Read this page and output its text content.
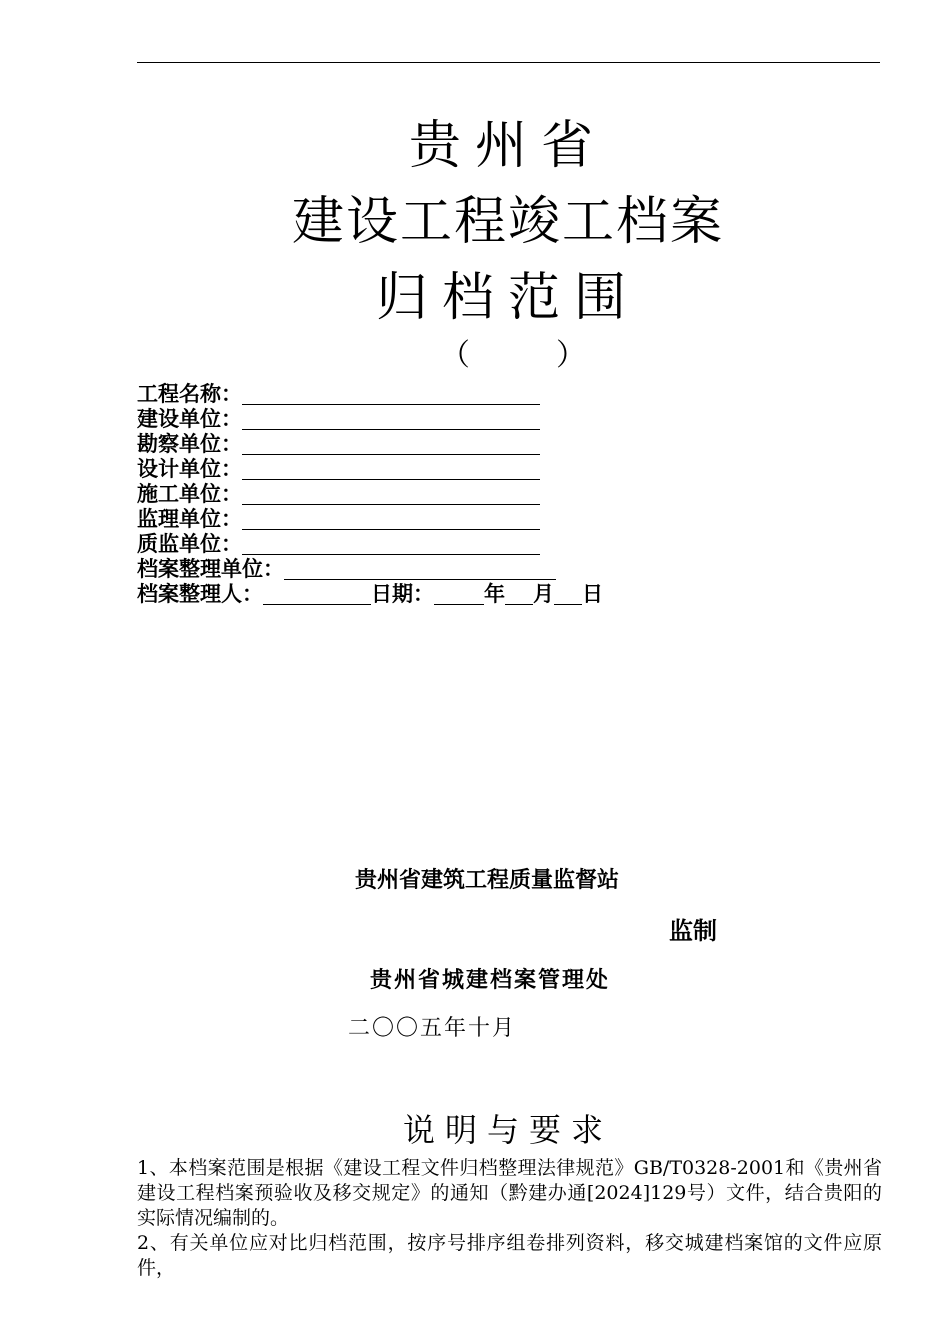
贵州省
建设工程竣工档案
归档范围
（	）
工程名称：
建设单位：
勘察单位：
设计单位：
施工单位：
监理单位：
质监单位：
档案整理单位：
档案整理人：	日期： 年 月 日
贵州省建筑工程质量监督站
监制
贵州省城建档案管理处
二〇〇五年十月
说明与要求
1、本档案范围是根据《建设工程文件归档整理法律规范》GB/T0328-2001和《贵州省建设工程档案预验收及移交规定》的通知（黔建办通[2024]129号）文件，结合贵阳的实际情况编制的。
2、有关单位应对比归档范围，按序号排序组卷排列资料，移交城建档案馆的文件应原件，
